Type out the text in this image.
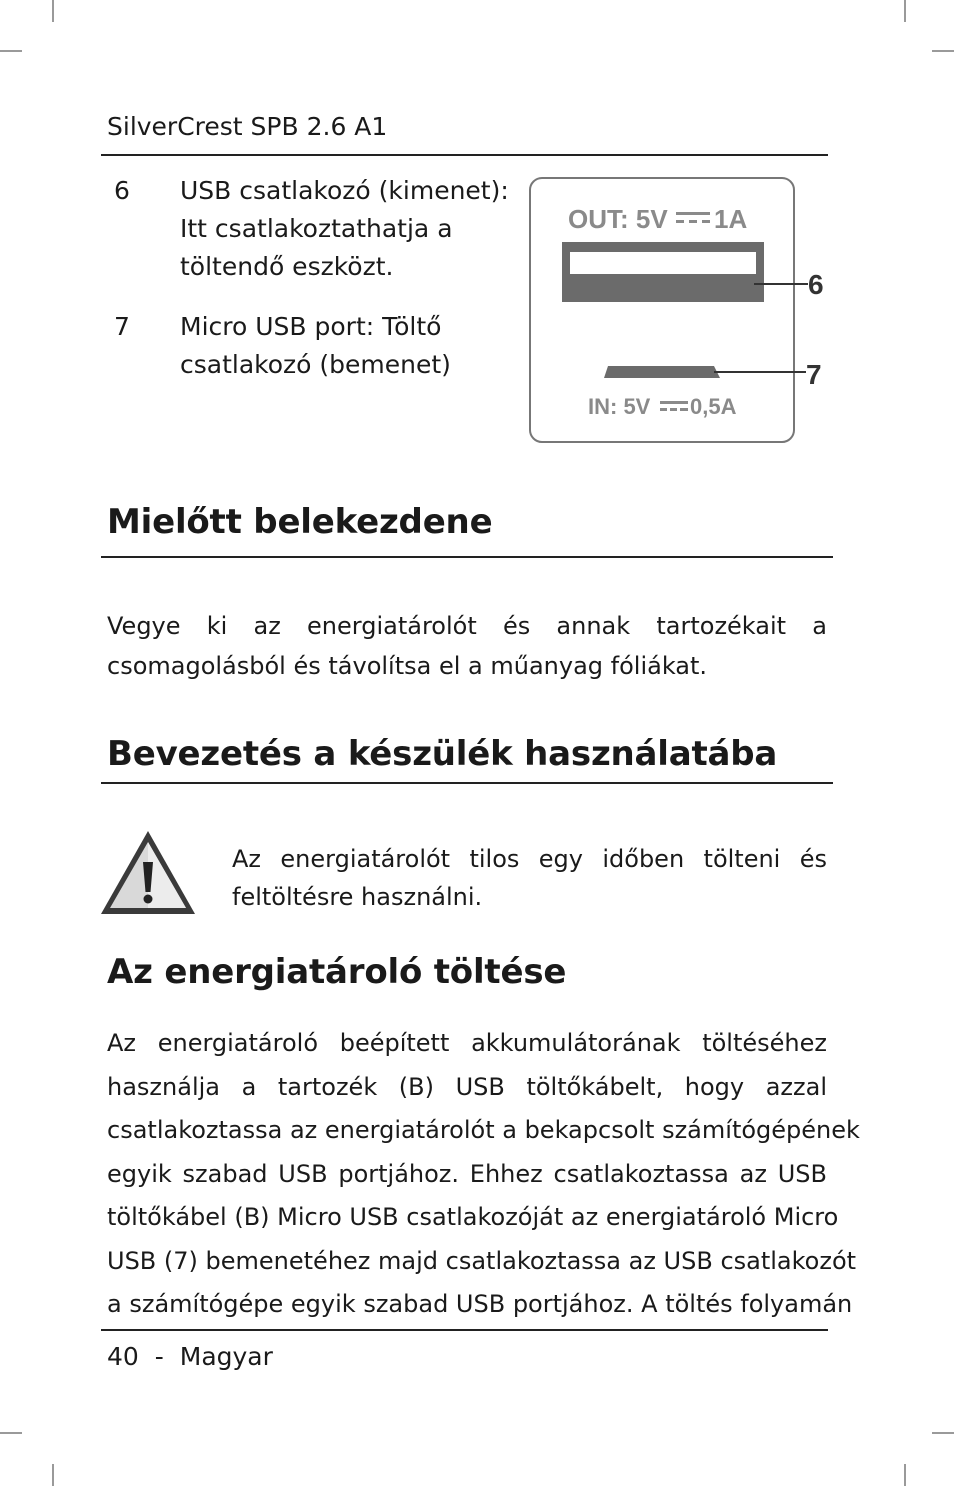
SilverCrest SPB 2.6 A1
6 USB csatlakozó (kimenet):
Itt csatlakoztathatja a
töltendő eszközt.
7 Micro USB port: Töltő
csatlakozó (bemenet)
OUT: 5V 1A
6
7
IN: 5V 0,5A
Mielőtt belekezdene
Vegye ki az energiatárolót és annak tartozékait a
csomagolásból és távolítsa el a műanyag fóliákat.
Bevezetés a készülék használatába
Az energiatárolót tilos egy időben tölteni és
feltöltésre használni.
Az energiatároló töltése
Az energiatároló beépített akkumulátorának töltéséhez
használja a tartozék (B) USB töltőkábelt, hogy azzal
csatlakoztassa az energiatárolót a bekapcsolt számítógépének
egyik szabad USB portjához. Ehhez csatlakoztassa az USB
töltőkábel (B) Micro USB csatlakozóját az energiatároló Micro
USB (7) bemenetéhez majd csatlakoztassa az USB csatlakozót
a számítógépe egyik szabad USB portjához. A töltés folyamán
40 - Magyar
